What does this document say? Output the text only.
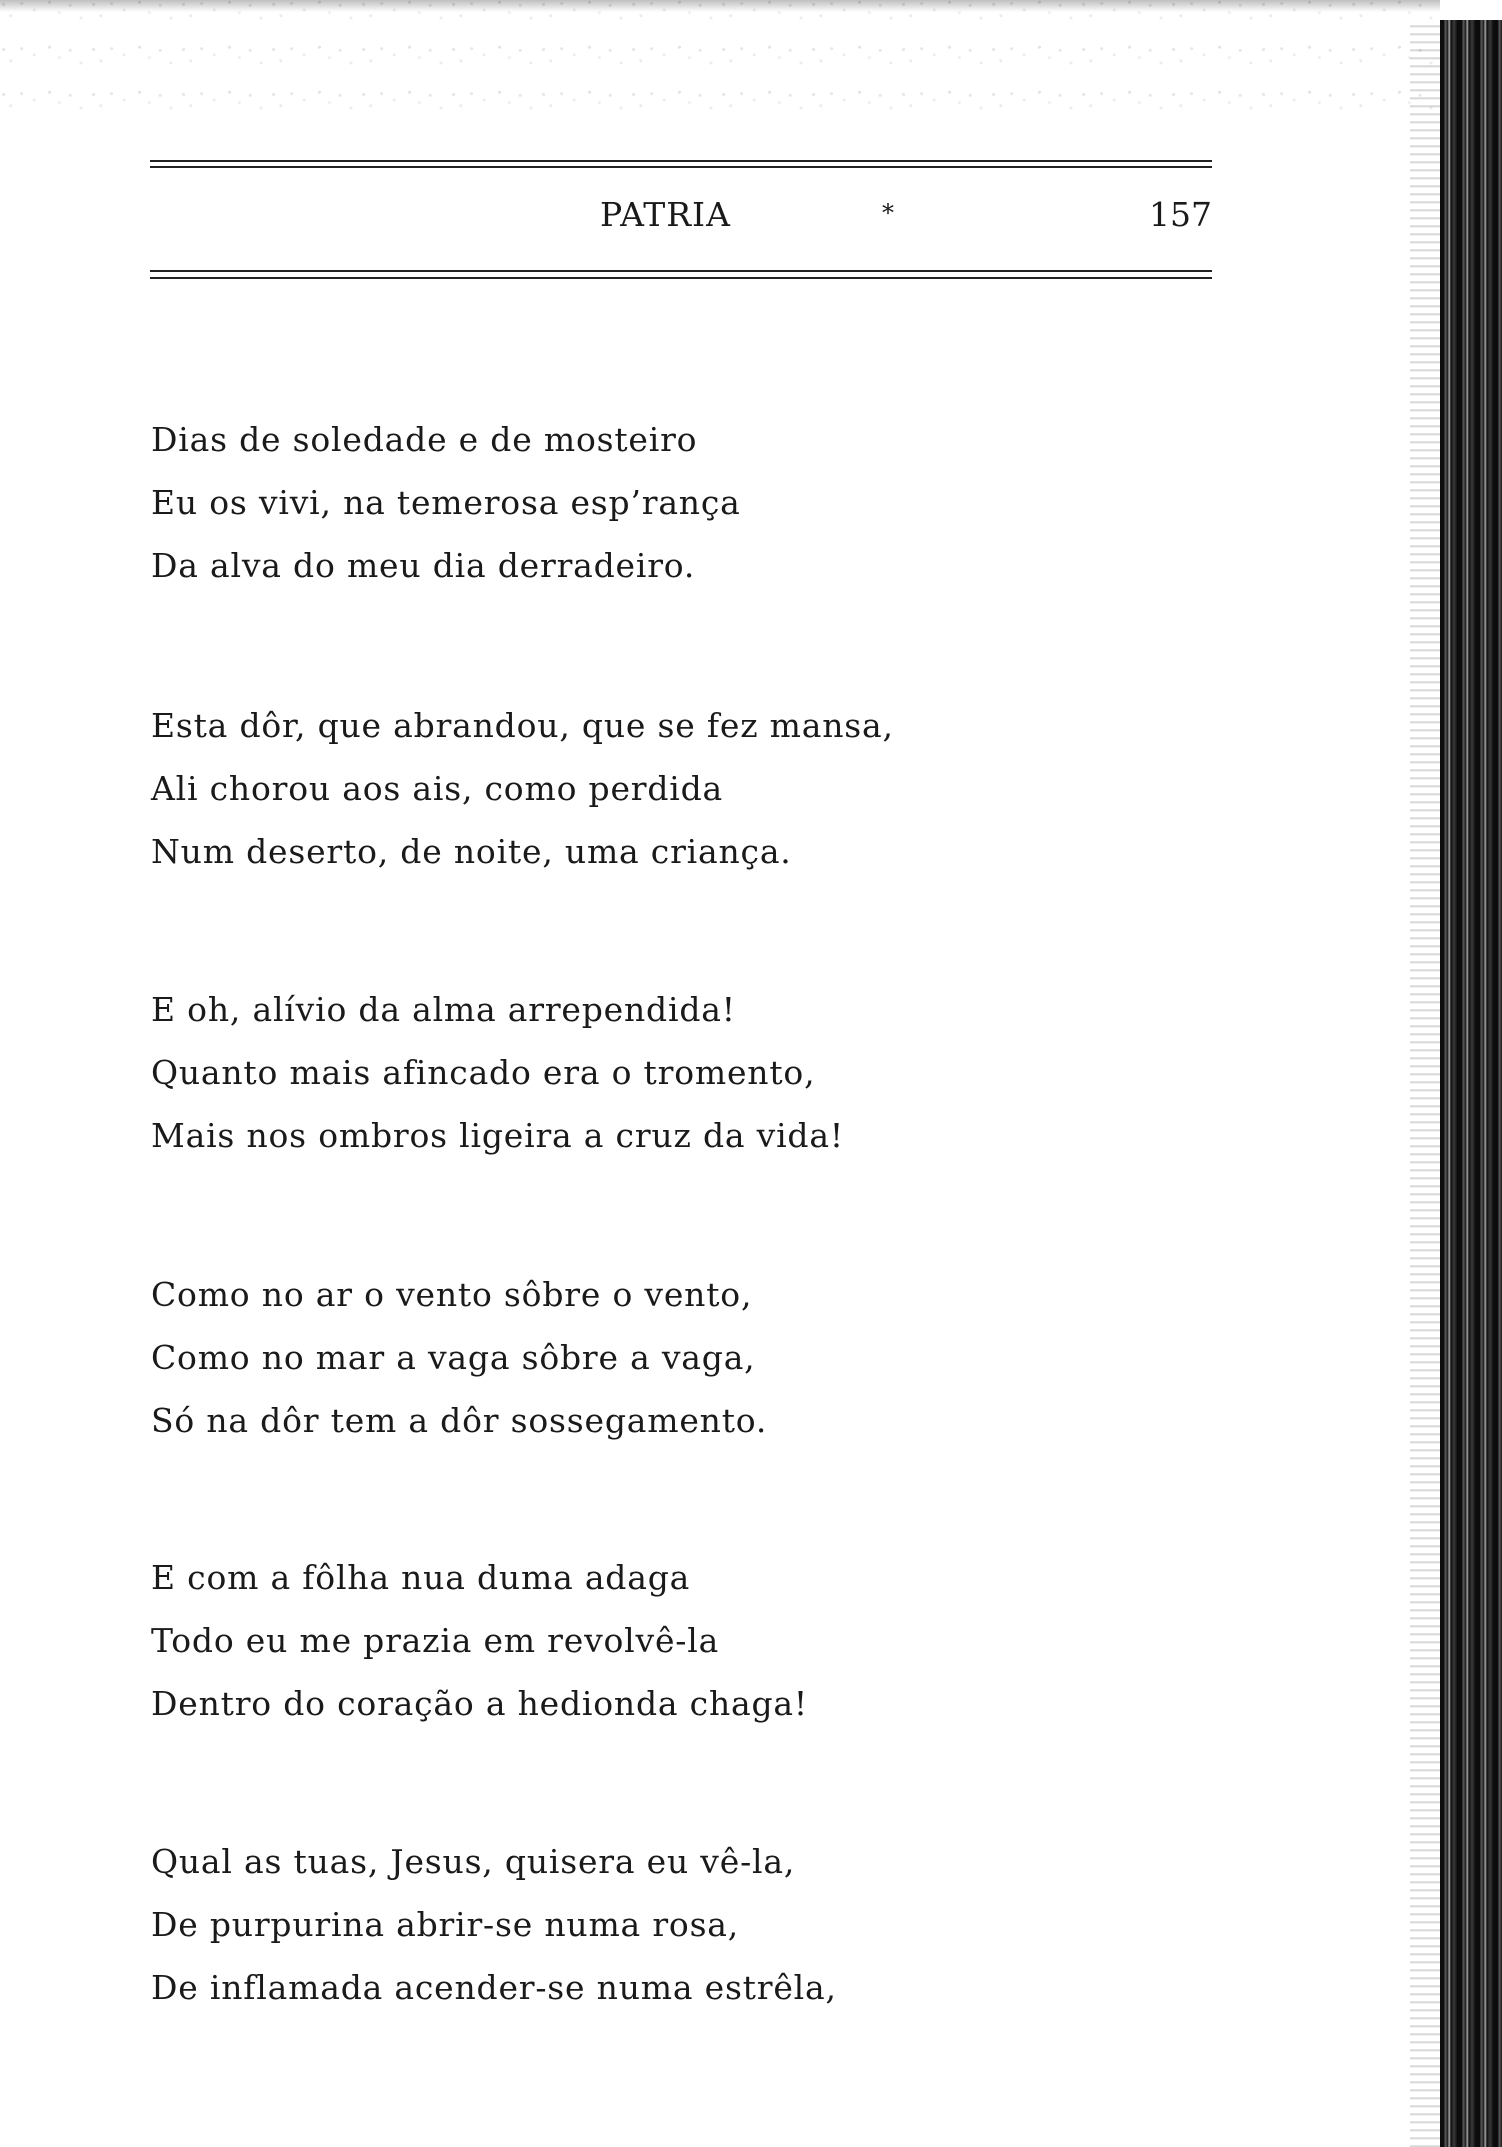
PATRIA	*	157
Dias de soledade e de mosteiro
Eu os vivi, na temerosa esp’rança
Da alva do meu dia derradeiro.
Esta dôr, que abrandou, que se fez mansa,
Ali chorou aos ais, como perdida
Num deserto, de noite, uma criança.
E oh, alívio da alma arrependida!
Quanto mais afincado era o tromento,
Mais nos ombros ligeira a cruz da vida!
Como no ar o vento sôbre o vento,
Como no mar a vaga sôbre a vaga,
Só na dôr tem a dôr sossegamento.
E com a fôlha nua duma adaga
Todo eu me prazia em revolvê-la
Dentro do coração a hedionda chaga!
Qual as tuas, Jesus, quisera eu vê-la,
De purpurina abrir-se numa rosa,
De inflamada acender-se numa estrêla,
